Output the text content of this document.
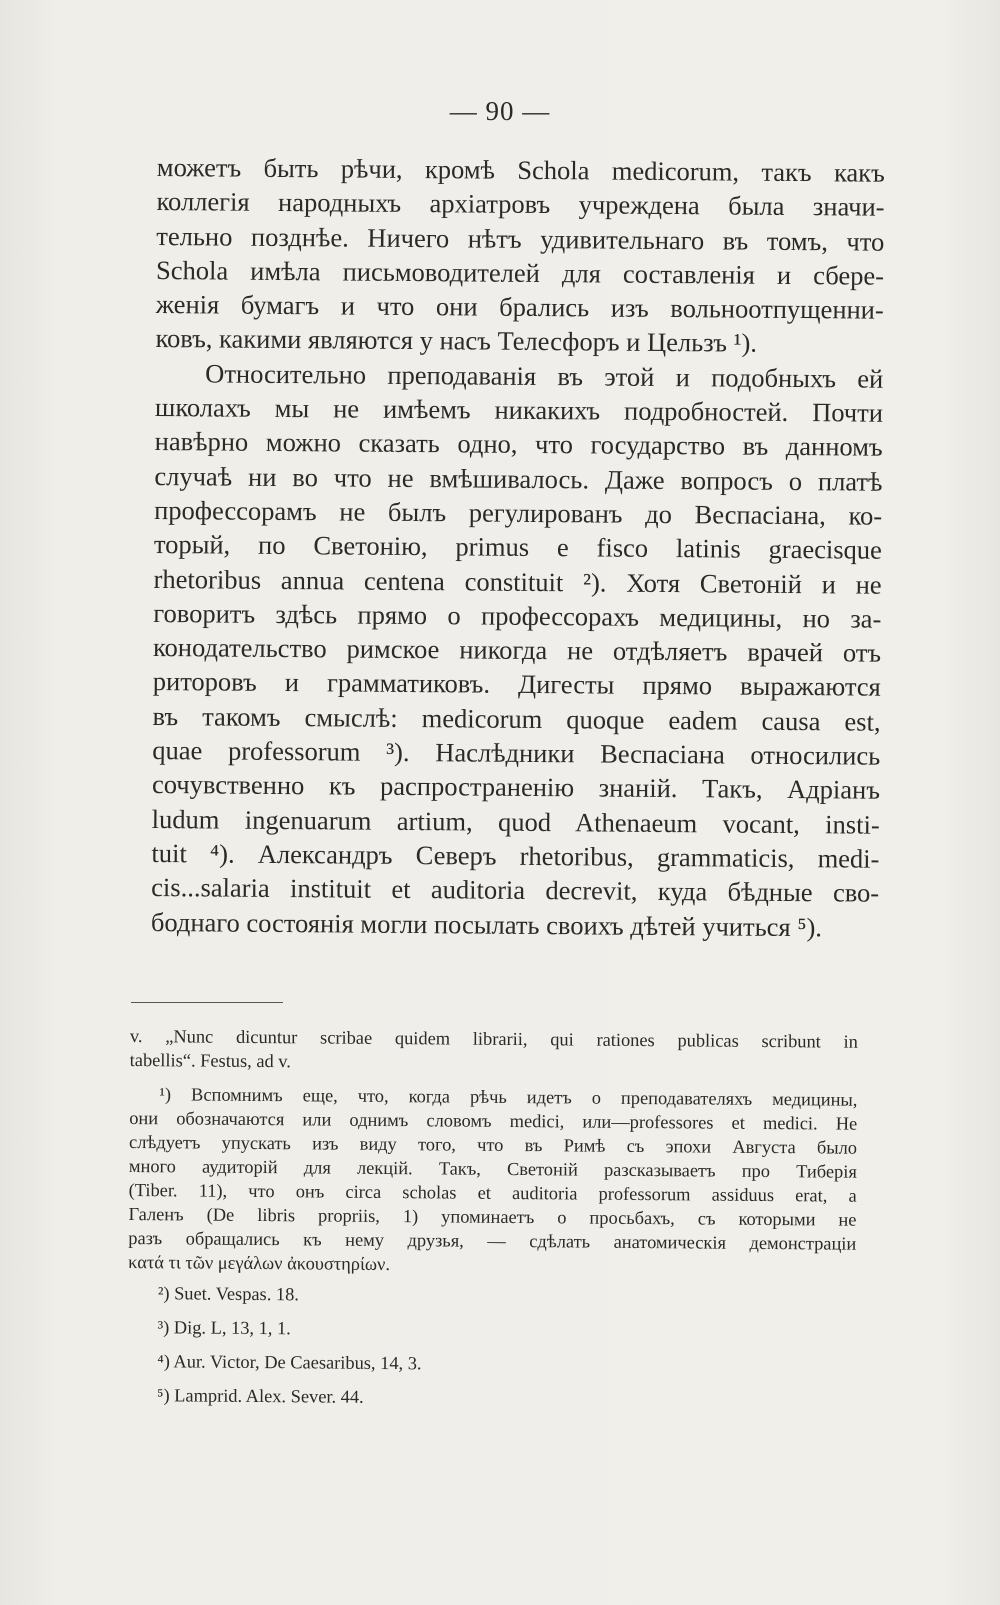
— 90 —
можетъ быть рѣчи, кромѣ Schola medicorum, такъ какъ
коллегія народныхъ архіатровъ учреждена была значи-
тельно позднѣе. Ничего нѣтъ удивительнаго въ томъ, что
Schola имѣла письмоводителей для составленія и сбере-
женія бумагъ и что они брались изъ вольноотпущенни-
ковъ, какими являются у насъ Телесфоръ и Цельзъ ¹).
Относительно преподаванія въ этой и подобныхъ ей
школахъ мы не имѣемъ никакихъ подробностей. Почти
навѣрно можно сказать одно, что государство въ данномъ
случаѣ ни во что не вмѣшивалось. Даже вопросъ о платѣ
профессорамъ не былъ регулированъ до Веспасіана, ко-
торый, по Светонію, primus e fisco latinis graecisque
rhetoribus annua centena constituit ²). Хотя Светоній и не
говоритъ здѣсь прямо о профессорахъ медицины, но за-
конодательство римское никогда не отдѣляетъ врачей отъ
риторовъ и грамматиковъ. Дигесты прямо выражаются
въ такомъ смыслѣ: medicorum quoque eadem causa est,
quae professorum ³). Наслѣдники Веспасіана относились
сочувственно къ распространенію знаній. Такъ, Адріанъ
ludum ingenuarum artium, quod Athenaeum vocant, insti-
tuit ⁴). Александръ Северъ rhetoribus, grammaticis, medi-
cis...salaria instituit et auditoria decrevit, куда бѣдные сво-
боднаго состоянія могли посылать своихъ дѣтей учиться ⁵).
v. „Nunc dicuntur scribae quidem librarii, qui rationes publicas scribunt in
tabellis“. Festus, ad v.
¹) Вспомнимъ еще, что, когда рѣчь идетъ о преподавателяхъ медицины,
они обозначаются или однимъ словомъ medici, или—professores et medici. Не
слѣдуетъ упускать изъ виду того, что въ Римѣ съ эпохи Августа было
много аудиторій для лекцій. Такъ, Светоній разсказываетъ про Тиберія
(Tiber. 11), что онъ circa scholas et auditoria professorum assiduus erat, а
Галенъ (De libris propriis, 1) упоминаетъ о просьбахъ, съ которыми не
разъ обращались къ нему друзья, — сдѣлать анатомическія демонстраціи
κατά τι τῶν μεγάλων ἀκουστηρίων.
²) Suet. Vespas. 18.
³) Dig. L, 13, 1, 1.
⁴) Aur. Victor, De Caesaribus, 14, 3.
⁵) Lamprid. Alex. Sever. 44.
